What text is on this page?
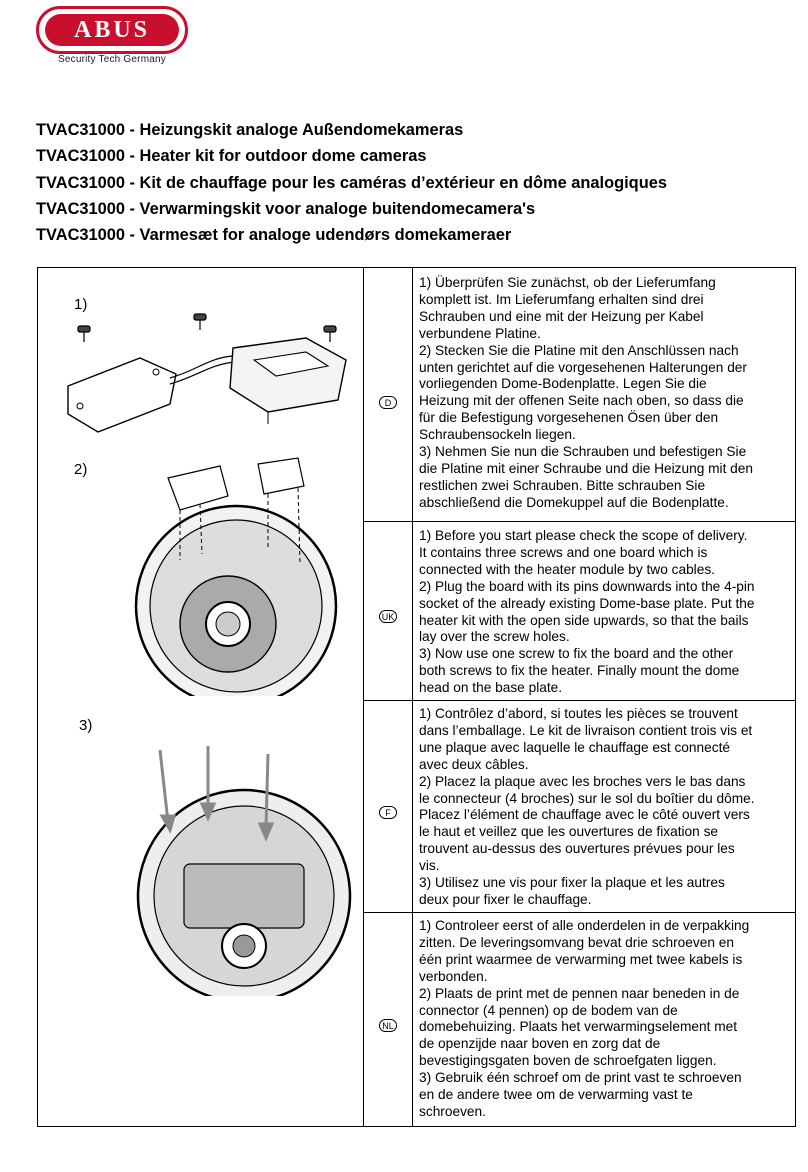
ABUS
Security Tech Germany
TVAC31000 - Heizungskit analoge Außendomekameras
TVAC31000 - Heater kit for outdoor dome cameras
TVAC31000 - Kit de chauffage pour les caméras d’extérieur en dôme analogiques
TVAC31000 - Verwarmingskit voor analoge buitendomecamera's
TVAC31000 - Varmesæt for analoge udendørs domekameraer
1)
2)
3)
D
UK
F
NL

1) Überprüfen Sie zunächst, ob der Lieferumfang

komplett ist. Im Lieferumfang erhalten sind drei

Schrauben und eine mit der Heizung per Kabel

verbundene Platine.

2) Stecken Sie die Platine mit den Anschlüssen nach

unten gerichtet auf die vorgesehenen Halterungen der

vorliegenden Dome-Bodenplatte. Legen Sie die

Heizung mit der offenen Seite nach oben, so dass die

für die Befestigung vorgesehenen Ösen über den

Schraubensockeln liegen.

3) Nehmen Sie nun die Schrauben und befestigen Sie

die Platine mit einer Schraube und die Heizung mit den

restlichen zwei Schrauben. Bitte schrauben Sie

abschließend die Domekuppel auf die Bodenplatte.

1) Before you start please check the scope of delivery.

It contains three screws and one board which is

connected with the heater module by two cables.

2) Plug the board with its pins downwards into the 4-pin

socket of the already existing Dome-base plate. Put the

heater kit with the open side upwards, so that the bails

lay over the screw holes.

3) Now use one screw to fix the board and the other

both screws to fix the heater. Finally mount the dome

head on the base plate.

1) Contrôlez d’abord, si toutes les pièces se trouvent

dans l’emballage. Le kit de livraison contient trois vis et

une plaque avec laquelle le chauffage est connecté

avec deux câbles.

2) Placez la plaque avec les broches vers le bas dans

le connecteur (4 broches) sur le sol du boîtier du dôme.

Placez l’élément de chauffage avec le côté ouvert vers

le haut et veillez que les ouvertures de fixation se

trouvent au-dessus des ouvertures prévues pour les

vis.

3) Utilisez une vis pour fixer la plaque et les autres

deux pour fixer le chauffage.

1) Controleer eerst of alle onderdelen in de verpakking

zitten. De leveringsomvang bevat drie schroeven en

één print waarmee de verwarming met twee kabels is

verbonden.

2) Plaats de print met de pennen naar beneden in de

connector (4 pennen) op de bodem van de

domebehuizing. Plaats het verwarmingselement met

de openzijde naar boven en zorg dat de

bevestigingsgaten boven de schroefgaten liggen.

3) Gebruik één schroef om de print vast te schroeven

en de andere twee om de verwarming vast te

schroeven.
